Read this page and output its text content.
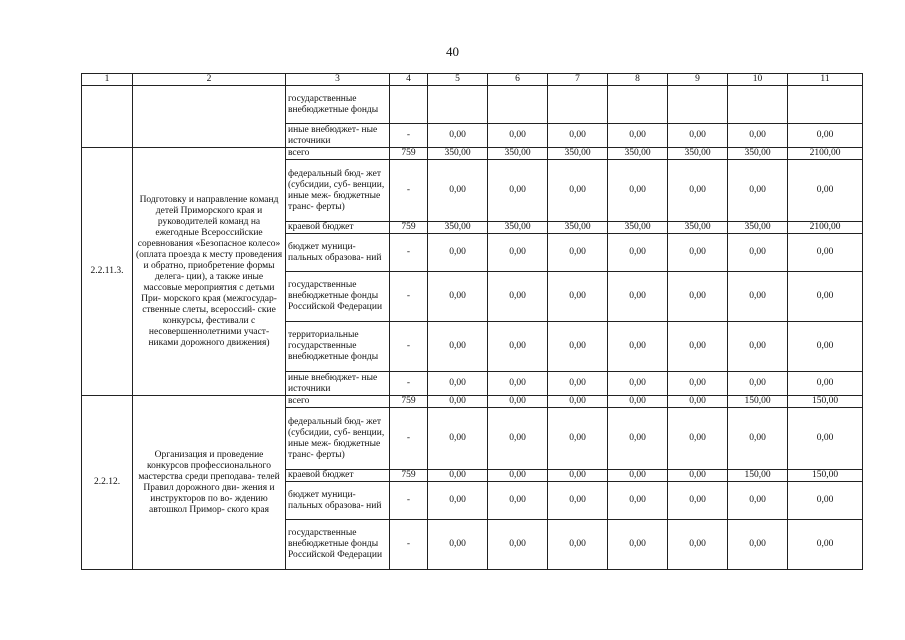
40
1	2	3	4	5	6	7	8	9	10	11
		государственные внебюджетные фонды								
		иные внебюджет- ные источники	-	0,00	0,00	0,00	0,00	0,00	0,00	0,00
2.2.11.3.	Подготовку и направление команд детей Приморского края и руководителей команд на ежегодные Всероссийские соревнования «Безопасное колесо» (оплата проезда к месту проведения и обратно, приобретение формы делега- ции), а также иные массовые мероприятия с детьми При- морского края (межгосудар- ственные слеты, всероссий- ские конкурсы, фестивали с несовершеннолетними участ- никами дорожного движения)	всего	759	350,00	350,00	350,00	350,00	350,00	350,00	2100,00
		федеральный бюд- жет (субсидии, суб- венции, иные меж- бюджетные транс- ферты)	-	0,00	0,00	0,00	0,00	0,00	0,00	0,00
		краевой бюджет	759	350,00	350,00	350,00	350,00	350,00	350,00	2100,00
		бюджет муници- пальных образова- ний	-	0,00	0,00	0,00	0,00	0,00	0,00	0,00
		государственные внебюджетные фонды Российской Федерации	-	0,00	0,00	0,00	0,00	0,00	0,00	0,00
		территориальные государственные внебюджетные фонды	-	0,00	0,00	0,00	0,00	0,00	0,00	0,00
		иные внебюджет- ные источники	-	0,00	0,00	0,00	0,00	0,00	0,00	0,00
2.2.12.	Организация и проведение конкурсов профессионального мастерства среди преподава- телей Правил дорожного дви- жения и инструкторов по во- ждению автошкол Примор- ского края	всего	759	0,00	0,00	0,00	0,00	0,00	150,00	150,00
		федеральный бюд- жет (субсидии, суб- венции, иные меж- бюджетные транс- ферты)	-	0,00	0,00	0,00	0,00	0,00	0,00	0,00
		краевой бюджет	759	0,00	0,00	0,00	0,00	0,00	150,00	150,00
		бюджет муници- пальных образова- ний	-	0,00	0,00	0,00	0,00	0,00	0,00	0,00
		государственные внебюджетные фонды Российской Федерации	-	0,00	0,00	0,00	0,00	0,00	0,00	0,00
